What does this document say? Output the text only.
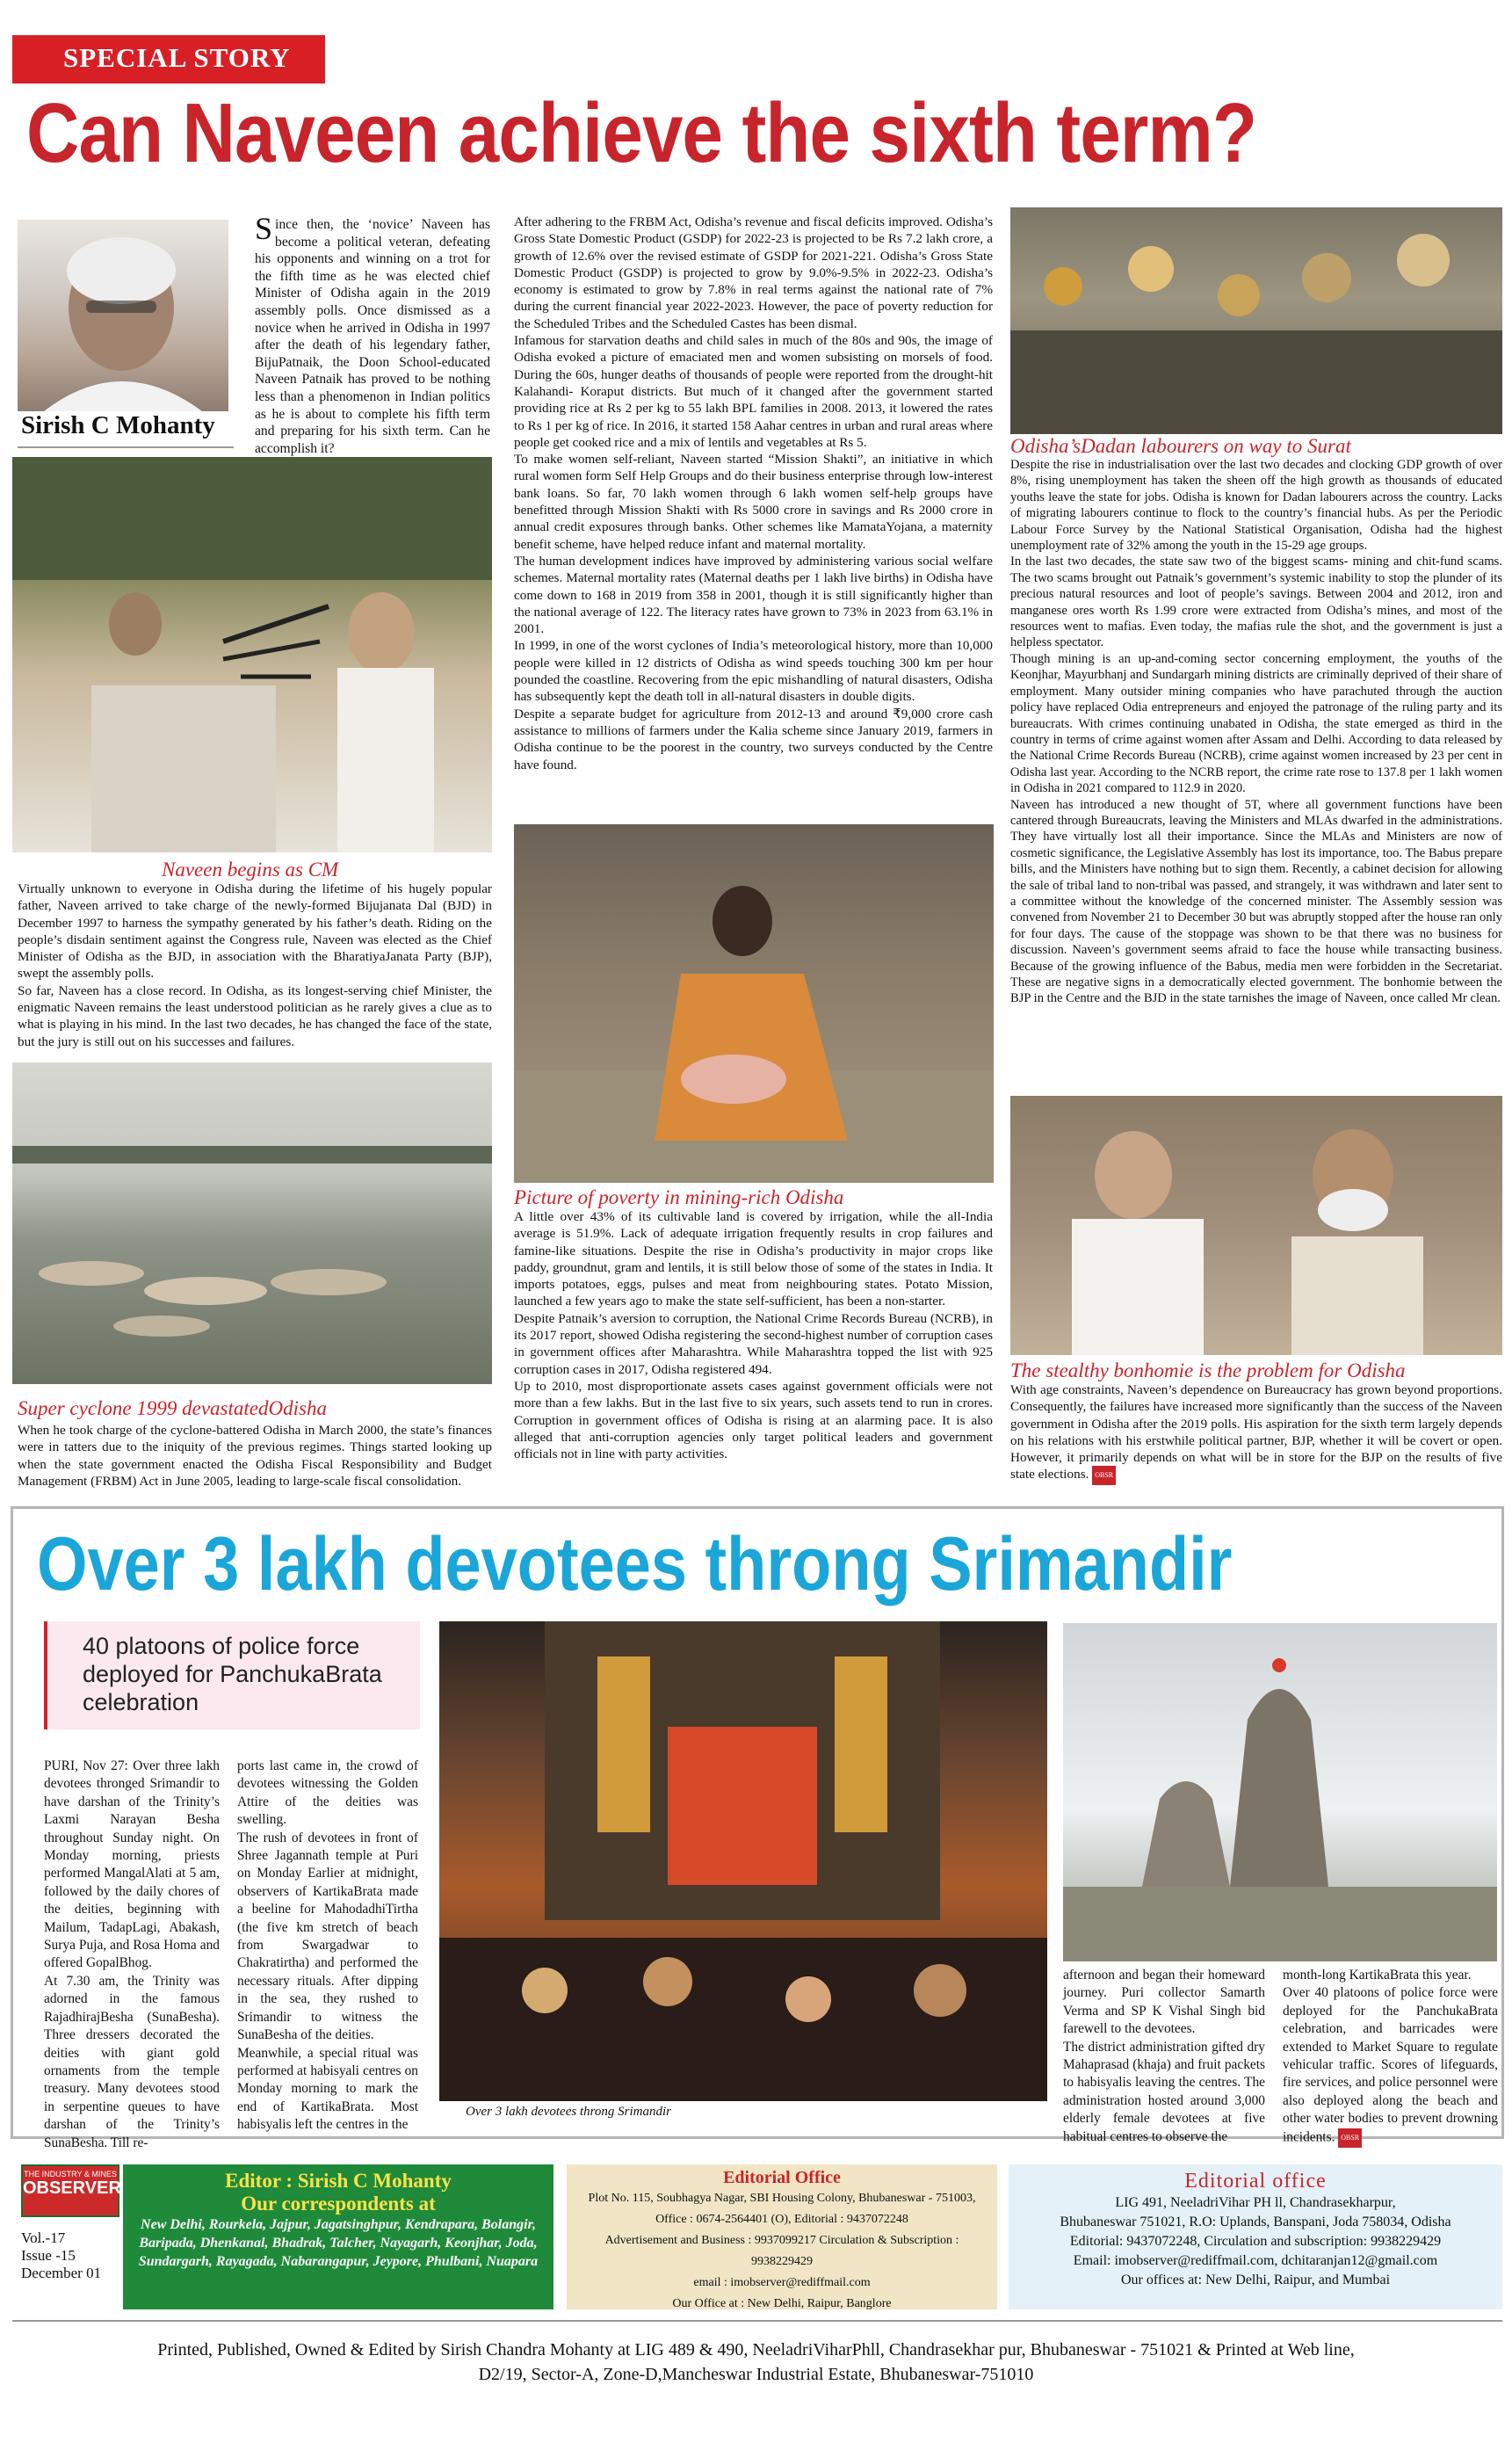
SPECIAL STORY
Can Naveen achieve the sixth term?
Sirish C Mohanty
Since then, the ‘novice’ Naveen has become a political veteran, defeating his opponents and winning on a trot for the fifth time as he was elected chief Minister of Odisha again in the 2019 assembly polls. Once dismissed as a novice when he arrived in Odisha in 1997 after the death of his legendary father, BijuPatnaik, the Doon School-educated Naveen Patnaik has proved to be nothing less than a phenomenon in Indian politics as he is about to complete his fifth term and preparing for his sixth term. Can he accomplish it?
Naveen begins as CM
Virtually unknown to everyone in Odisha during the lifetime of his hugely popular father, Naveen arrived to take charge of the newly-formed Bijujanata Dal (BJD) in December 1997 to harness the sympathy generated by his father’s death. Riding on the people’s disdain sentiment against the Congress rule, Naveen was elected as the Chief Minister of Odisha as the BJD, in association with the BharatiyaJanata Party (BJP), swept the assembly polls.
So far, Naveen has a close record. In Odisha, as its longest-serving chief Minister, the enigmatic Naveen remains the least understood politician as he rarely gives a clue as to what is playing in his mind. In the last two decades, he has changed the face of the state, but the jury is still out on his successes and failures.
Super cyclone 1999 devastatedOdisha
When he took charge of the cyclone-battered Odisha in March 2000, the state’s finances were in tatters due to the iniquity of the previous regimes. Things started looking up when the state government enacted the Odisha Fiscal Responsibility and Budget Management (FRBM) Act in June 2005, leading to large-scale fiscal consolidation.
After adhering to the FRBM Act, Odisha’s revenue and fiscal deficits improved. Odisha’s Gross State Domestic Product (GSDP) for 2022-23 is projected to be Rs 7.2 lakh crore, a growth of 12.6% over the revised estimate of GSDP for 2021-221. Odisha’s Gross State Domestic Product (GSDP) is projected to grow by 9.0%-9.5% in 2022-23. Odisha’s economy is estimated to grow by 7.8% in real terms against the national rate of 7% during the current financial year 2022-2023. However, the pace of poverty reduction for the Scheduled Tribes and the Scheduled Castes has been dismal.
Infamous for starvation deaths and child sales in much of the 80s and 90s, the image of Odisha evoked a picture of emaciated men and women subsisting on morsels of food. During the 60s, hunger deaths of thousands of people were reported from the drought-hit Kalahandi- Koraput districts. But much of it changed after the government started providing rice at Rs 2 per kg to 55 lakh BPL families in 2008. 2013, it lowered the rates to Rs 1 per kg of rice. In 2016, it started 158 Aahar centres in urban and rural areas where people get cooked rice and a mix of lentils and vegetables at Rs 5.
To make women self-reliant, Naveen started “Mission Shakti”, an initiative in which rural women form Self Help Groups and do their business enterprise through low-interest bank loans. So far, 70 lakh women through 6 lakh women self-help groups have benefitted through Mission Shakti with Rs 5000 crore in savings and Rs 2000 crore in annual credit exposures through banks. Other schemes like MamataYojana, a maternity benefit scheme, have helped reduce infant and maternal mortality.
The human development indices have improved by administering various social welfare schemes. Maternal mortality rates (Maternal deaths per 1 lakh live births) in Odisha have come down to 168 in 2019 from 358 in 2001, though it is still significantly higher than the national average of 122. The literacy rates have grown to 73% in 2023 from 63.1% in 2001.
In 1999, in one of the worst cyclones of India’s meteorological history, more than 10,000 people were killed in 12 districts of Odisha as wind speeds touching 300 km per hour pounded the coastline. Recovering from the epic mishandling of natural disasters, Odisha has subsequently kept the death toll in all-natural disasters in double digits.
Despite a separate budget for agriculture from 2012-13 and around ₹9,000 crore cash assistance to millions of farmers under the Kalia scheme since January 2019, farmers in Odisha continue to be the poorest in the country, two surveys conducted by the Centre have found.
Picture of poverty in mining-rich Odisha
A little over 43% of its cultivable land is covered by irrigation, while the all-India average is 51.9%. Lack of adequate irrigation frequently results in crop failures and famine-like situations. Despite the rise in Odisha’s productivity in major crops like paddy, groundnut, gram and lentils, it is still below those of some of the states in India. It imports potatoes, eggs, pulses and meat from neighbouring states. Potato Mission, launched a few years ago to make the state self-sufficient, has been a non-starter.
Despite Patnaik’s aversion to corruption, the National Crime Records Bureau (NCRB), in its 2017 report, showed Odisha registering the second-highest number of corruption cases in government offices after Maharashtra. While Maharashtra topped the list with 925 corruption cases in 2017, Odisha registered 494.
Up to 2010, most disproportionate assets cases against government officials were not more than a few lakhs. But in the last five to six years, such assets tend to run in crores. Corruption in government offices of Odisha is rising at an alarming pace. It is also alleged that anti-corruption agencies only target political leaders and government officials not in line with party activities.
Odisha’sDadan labourers on way to Surat
Despite the rise in industrialisation over the last two decades and clocking GDP growth of over 8%, rising unemployment has taken the sheen off the high growth as thousands of educated youths leave the state for jobs. Odisha is known for Dadan labourers across the country. Lacks of migrating labourers continue to flock to the country’s financial hubs. As per the Periodic Labour Force Survey by the National Statistical Organisation, Odisha had the highest unemployment rate of 32% among the youth in the 15-29 age groups.
In the last two decades, the state saw two of the biggest scams- mining and chit-fund scams. The two scams brought out Patnaik’s government’s systemic inability to stop the plunder of its precious natural resources and loot of people’s savings. Between 2004 and 2012, iron and manganese ores worth Rs 1.99 crore were extracted from Odisha’s mines, and most of the resources went to mafias. Even today, the mafias rule the shot, and the government is just a helpless spectator.
Though mining is an up-and-coming sector concerning employment, the youths of the Keonjhar, Mayurbhanj and Sundargarh mining districts are criminally deprived of their share of employment. Many outsider mining companies who have parachuted through the auction policy have replaced Odia entrepreneurs and enjoyed the patronage of the ruling party and its bureaucrats. With crimes continuing unabated in Odisha, the state emerged as third in the country in terms of crime against women after Assam and Delhi. According to data released by the National Crime Records Bureau (NCRB), crime against women increased by 23 per cent in Odisha last year. According to the NCRB report, the crime rate rose to 137.8 per 1 lakh women in Odisha in 2021 compared to 112.9 in 2020.
Naveen has introduced a new thought of 5T, where all government functions have been cantered through Bureaucrats, leaving the Ministers and MLAs dwarfed in the administrations. They have virtually lost all their importance. Since the MLAs and Ministers are now of cosmetic significance, the Legislative Assembly has lost its importance, too. The Babus prepare bills, and the Ministers have nothing but to sign them. Recently, a cabinet decision for allowing the sale of tribal land to non-tribal was passed, and strangely, it was withdrawn and later sent to a committee without the knowledge of the concerned minister. The Assembly session was convened from November 21 to December 30 but was abruptly stopped after the house ran only for four days. The cause of the stoppage was shown to be that there was no business for discussion. Naveen’s government seems afraid to face the house while transacting business. Because of the growing influence of the Babus, media men were forbidden in the Secretariat. These are negative signs in a democratically elected government. The bonhomie between the BJP in the Centre and the BJD in the state tarnishes the image of Naveen, once called Mr clean.
The stealthy bonhomie is the problem for Odisha
With age constraints, Naveen’s dependence on Bureaucracy has grown beyond proportions. Consequently, the failures have increased more significantly than the success of the Naveen government in Odisha after the 2019 polls. His aspiration for the sixth term largely depends on his relations with his erstwhile political partner, BJP, whether it will be covert or open. However, it primarily depends on what will be in store for the BJP on the results of five state elections. OBSR
Over 3 lakh devotees throng Srimandir
40 platoons of police force deployed for PanchukaBrata celebration
PURI, Nov 27: Over three lakh devotees thronged Srimandir to have darshan of the Trinity’s Laxmi Narayan Besha throughout Sunday night. On Monday morning, priests performed MangalAlati at 5 am, followed by the daily chores of the deities, beginning with Mailum, TadapLagi, Abakash, Surya Puja, and Rosa Homa and offered GopalBhog.
At 7.30 am, the Trinity was adorned in the famous RajadhirajBesha (SunaBesha). Three dressers decorated the deities with giant gold ornaments from the temple treasury. Many devotees stood in serpentine queues to have darshan of the Trinity’s SunaBesha. Till re-
ports last came in, the crowd of devotees witnessing the Golden Attire of the deities was swelling.
The rush of devotees in front of Shree Jagannath temple at Puri on Monday Earlier at midnight, observers of KartikaBrata made a beeline for MahodadhiTirtha (the five km stretch of beach from Swargadwar to Chakratirtha) and performed the necessary rituals. After dipping in the sea, they rushed to Srimandir to witness the SunaBesha of the deities.
Meanwhile, a special ritual was performed at habisyali centres on Monday morning to mark the end of KartikaBrata. Most habisyalis left the centres in the
Over 3 lakh devotees throng Srimandir
afternoon and began their homeward journey. Puri collector Samarth Verma and SP K Vishal Singh bid farewell to the devotees.
The district administration gifted dry Mahaprasad (khaja) and fruit packets to habisyalis leaving the centres. The administration hosted around 3,000 elderly female devotees at five habitual centres to observe the
month-long KartikaBrata this year.
Over 40 platoons of police force were deployed for the PanchukaBrata celebration, and barricades were extended to Market Square to regulate vehicular traffic. Scores of lifeguards, fire services, and police personnel were also deployed along the beach and other water bodies to prevent drowning incidents. OBSR
THE INDUSTRY & MINES
OBSERVER
Vol.-17
Issue -15
December 01
Editor : Sirish C Mohanty
Our correspondents at
New Delhi, Rourkela, Jajpur, Jagatsinghpur, Kendrapara, Bolangir, Baripada, Dhenkanal, Bhadrak, Talcher, Nayagarh, Keonjhar, Joda, Sundargarh, Rayagada, Nabarangapur, Jeypore, Phulbani, Nuapara
Editorial Office
Plot No. 115, Soubhagya Nagar, SBI Housing Colony, Bhubaneswar - 751003,
Office : 0674-2564401 (O), Editorial : 9437072248
Advertisement and Business : 9937099217 Circulation & Subscription : 9938229429
email : imobserver@rediffmail.com
Our Office at : New Delhi, Raipur, Banglore
Editorial office
LIG 491, NeeladriVihar PH ll, Chandrasekharpur,
Bhubaneswar 751021, R.O: Uplands, Banspani, Joda 758034, Odisha
Editorial: 9437072248, Circulation and subscription: 9938229429
Email: imobserver@rediffmail.com, dchitaranjan12@gmail.com
Our offices at: New Delhi, Raipur, and Mumbai
Printed, Published, Owned & Edited by Sirish Chandra Mohanty at LIG 489 & 490, NeeladriViharPhll, Chandrasekhar pur, Bhubaneswar - 751021 & Printed at Web line,
D2/19, Sector-A, Zone-D,Mancheswar Industrial Estate, Bhubaneswar-751010
